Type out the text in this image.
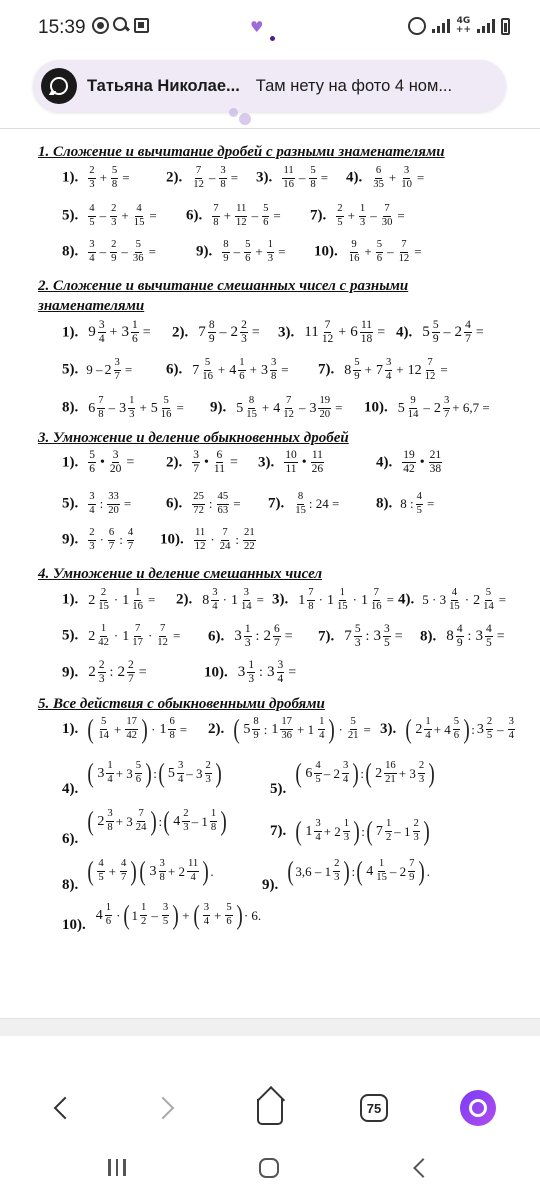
15:39	♥	4G
++
Татьяна Николае... Там нету на фото 4 ном...
1. Сложение и вычитание дробей с разными знаменателями
1). $\frac{2}{3} + \frac{5}{8} = 2$). $\frac{7}{12} - \frac{3}{8} = 3$). $\frac{11}{16} - \frac{5}{8} = 4$). $\frac{6}{35} + \frac{3}{10}$ =
5). $\frac{4}{5} - \frac{2}{3} + \frac{4}{15} = 6$). $\frac{7}{8} + \frac{11}{12} - \frac{5}{6} = 7$). $\frac{2}{5} + \frac{1}{3} - \frac{7}{30}$ =
8). $\frac{3}{4} - \frac{2}{9} - \frac{5}{36}$ =	9). $\frac{8}{9} - \frac{5}{6} + \frac{1}{3} = 10$). $\frac{9}{16} + \frac{5}{6} - \frac{7}{12}$ =
2. Сложение и вычитание смешанных чисел с разными
знаменателями
1). $9 \frac{3}{4} + 3 \frac{1}{6} = 2$). $7 \frac{8}{9} - 2 \frac{2}{3} = 3$). $11 \frac{7}{12} + 6 \frac{11}{18} = 4$). $5 \frac{5}{9} - 2 \frac{4}{7}$ =
5). $9 - 2 \frac{3}{7} = 6$). $7 \frac{5}{16} + 4 \frac{1}{6} + 3 \frac{3}{8} = 7$). $8 \frac{5}{9} + 7 \frac{3}{4} + 12 \frac{7}{12}$ =
8). $6 \frac{7}{8} - 3 \frac{1}{3} + 5 \frac{5}{16} = 9$). $5 \frac{8}{15} + 4 \frac{7}{12} - 3 \frac{19}{20} = 10$). $5 \frac{9}{14} - 2 \frac{3}{7} + 6,7$ =
3. Умножение и деление обыкновенных дробей
1). $\frac{5}{6}$ • $\frac{3}{20} = 2$). $\frac{3}{7}$ • $\frac{6}{11} = 3$). $\frac{10}{11}$ • $\frac{11}{26}$	4). $\frac{19}{42}$ • $\frac{21}{38}$
5). $\frac{3}{4}$ : $\frac{33}{20} = 6$). $\frac{25}{72}$ : $\frac{45}{63} = 7$). $\frac{8}{15}$ : 24 = 8). 8 : $\frac{4}{5}$ =
9). $\frac{2}{3} \cdot \frac{6}{7}$ : $\frac{4}{7} 10$). $\frac{11}{12} \cdot \frac{7}{24}$ : $\frac{21}{22}$
4. Умножение и деление смешанных чисел
1). $2 \frac{2}{15} \cdot 1 \frac{1}{16} = 2$). $8 \frac{3}{4} \cdot 1 \frac{3}{14} = 3$). $1 \frac{7}{8} \cdot 1 \frac{1}{15} \cdot 1 \frac{7}{16} = 4$). $5 \cdot 3 \frac{4}{15} \cdot 2 \frac{5}{14}$ =
5). $2 \frac{1}{42} \cdot 1 \frac{7}{17} \cdot \frac{7}{12} = 6$). $3 \frac{1}{3}$ : $2 \frac{6}{7} = 7$). $7 \frac{5}{3}$ : $3 \frac{3}{5} = 8$). $8 \frac{4}{9}$ : $3 \frac{4}{5}$ =
9). $2 \frac{2}{3}$ : $2 \frac{2}{7}$ =	10). $3 \frac{1}{3}$ : $3 \frac{3}{4}$ =
5. Все действия с обыкновенными дробями
1). ( $\frac{5}{14} + \frac{17}{42}$ ) · $1 \frac{6}{8} = 2$). ( $5 \frac{8}{9}$ : $1 \frac{17}{36} + 1 \frac{1}{4}$ ) · $\frac{5}{21} = 3$). ( $2 \frac{1}{4} + 4 \frac{5}{6}$ ) : $3 \frac{2}{5} - \frac{3}{4}$
4).
( $3 \frac{1}{4} + 3 \frac{5}{6}$ ) : ( $5 \frac{3}{4} - 3 \frac{2}{3}$ )
5).
( $6 \frac{4}{5} - 2 \frac{3}{4}$ ) : ( $2 \frac{16}{21} + 3 \frac{2}{3}$ )
6).
( $2 \frac{3}{8} + 3 \frac{7}{24}$ ) : ( $4 \frac{2}{3} - 1 \frac{1}{8}$ )	7). ( $1 \frac{3}{4} + 2 \frac{1}{3}$ ) : ( $7 \frac{1}{2} - 1 \frac{2}{3}$ )
8). ( $\frac{4}{5} + \frac{4}{7}$ ) ( $3 \frac{3}{8} + 2 \frac{11}{4}$ ) .
9). ( $3,6 - 1 \frac{2}{3}$ ) : ( $4 \frac{1}{15} - 2 \frac{7}{9}$ ) .
10).
$4 \frac{1}{6}$ · ( $1 \frac{1}{2} - \frac{3}{5}$ ) + ( $\frac{3}{4} + \frac{5}{6}$ ) · 6.
75
